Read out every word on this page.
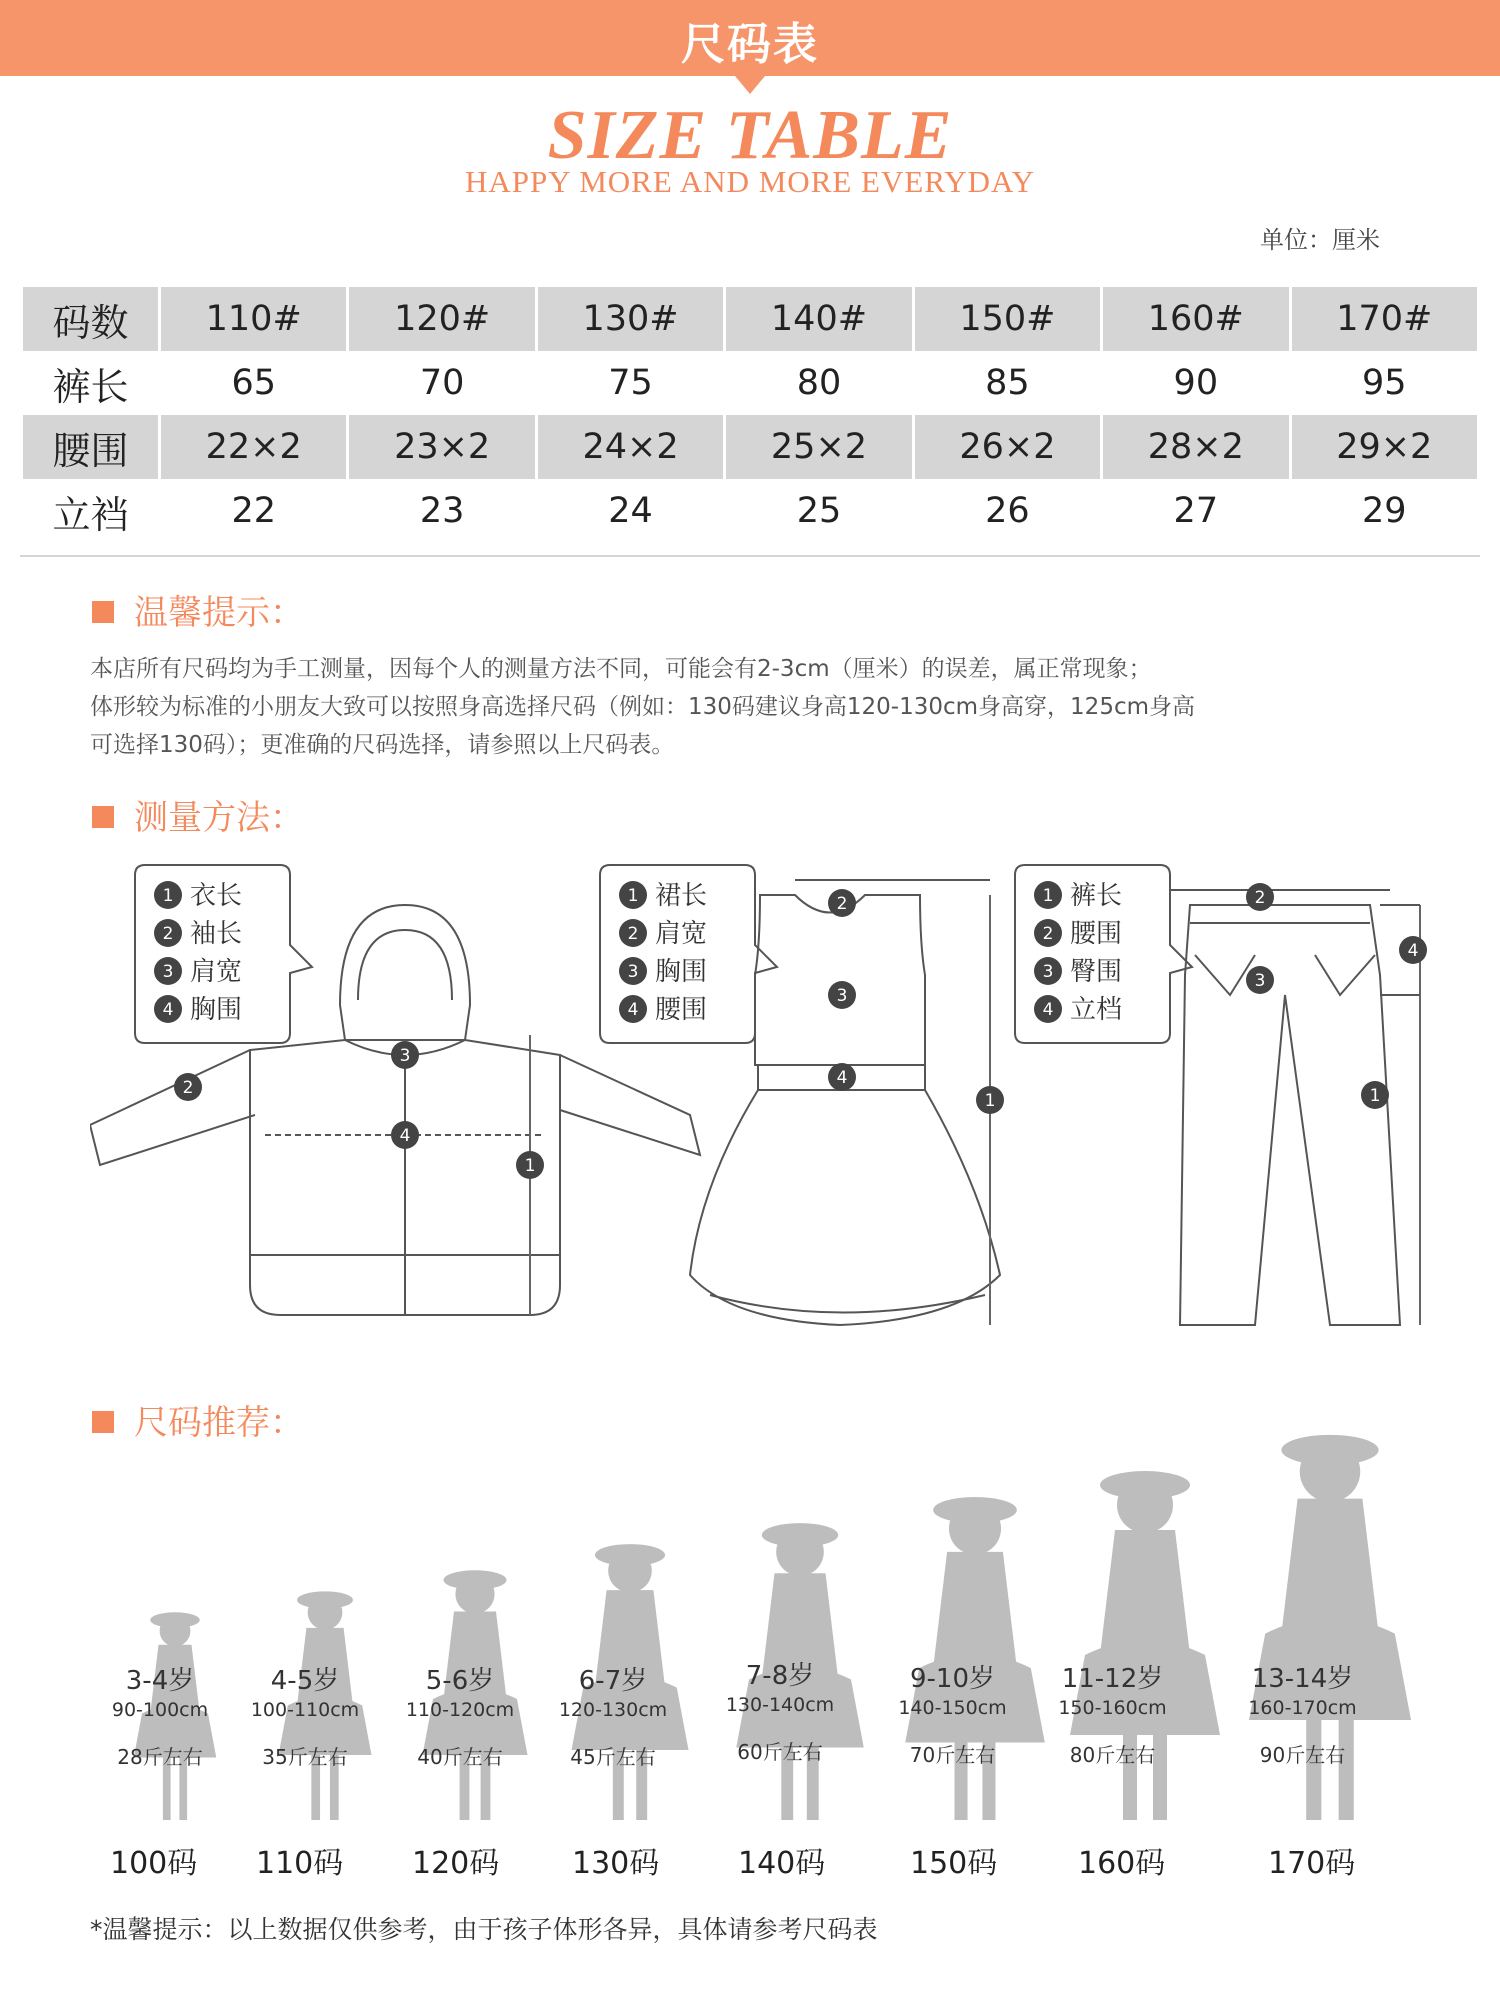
尺码表
SIZE TABLE
HAPPY MORE AND MORE EVERYDAY
单位：厘米
码数	110#	120#	130#	140#	150#	160#	170#
裤长	65	70	75	80	85	90	95
腰围	22×2	23×2	24×2	25×2	26×2	28×2	29×2
立裆	22	23	24	25	26	27	29
温馨提示：

本店所有尺码均为手工测量，因每个人的测量方法不同，可能会有2-3cm（厘米）的误差，属正常现象；

体形较为标准的小朋友大致可以按照身高选择尺码（例如：130码建议身高120-130cm身高穿，125cm身高

可选择130码）；更准确的尺码选择，请参照以上尺码表。

测量方法：
1 衣长
2 袖长
3 肩宽
4 胸围
1
2
3
4
1 裙长
2 肩宽
3 胸围
4 腰围
1
2
3
4
1 裤长
2 腰围
3 臀围
4 立档
1
2
3
4
尺码推荐：
3-4岁
90-100cm
28斤左右
4-5岁
100-110cm
35斤左右
5-6岁
110-120cm
40斤左右
6-7岁
120-130cm
45斤左右
7-8岁
130-140cm
60斤左右
9-10岁
140-150cm
70斤左右
11-12岁
150-160cm
80斤左右
13-14岁
160-170cm
90斤左右
100码 110码 120码 130码	140码	150码	160码	170码
*温馨提示：以上数据仅供参考，由于孩子体形各异，具体请参考尺码表
